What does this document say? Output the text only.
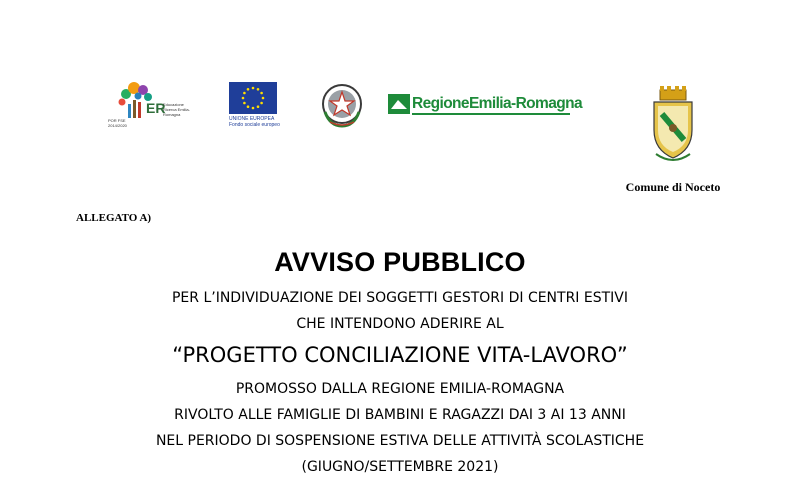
ER
Educazione Ricerca Emilia-Romagna
POR FSE 2014/2020
UNIONE EUROPEA Fondo sociale europeo
RegioneEmilia-Romagna
Comune di Noceto
ALLEGATO A)
AVVISO PUBBLICO
PER L’INDIVIDUAZIONE DEI SOGGETTI GESTORI DI CENTRI ESTIVI
CHE INTENDONO ADERIRE AL
“PROGETTO CONCILIAZIONE VITA-LAVORO”
PROMOSSO DALLA REGIONE EMILIA-ROMAGNA
RIVOLTO ALLE FAMIGLIE DI BAMBINI E RAGAZZI DAI 3 AI 13 ANNI
NEL PERIODO DI SOSPENSIONE ESTIVA DELLE ATTIVITÀ SCOLASTICHE
(GIUGNO/SETTEMBRE 2021)
